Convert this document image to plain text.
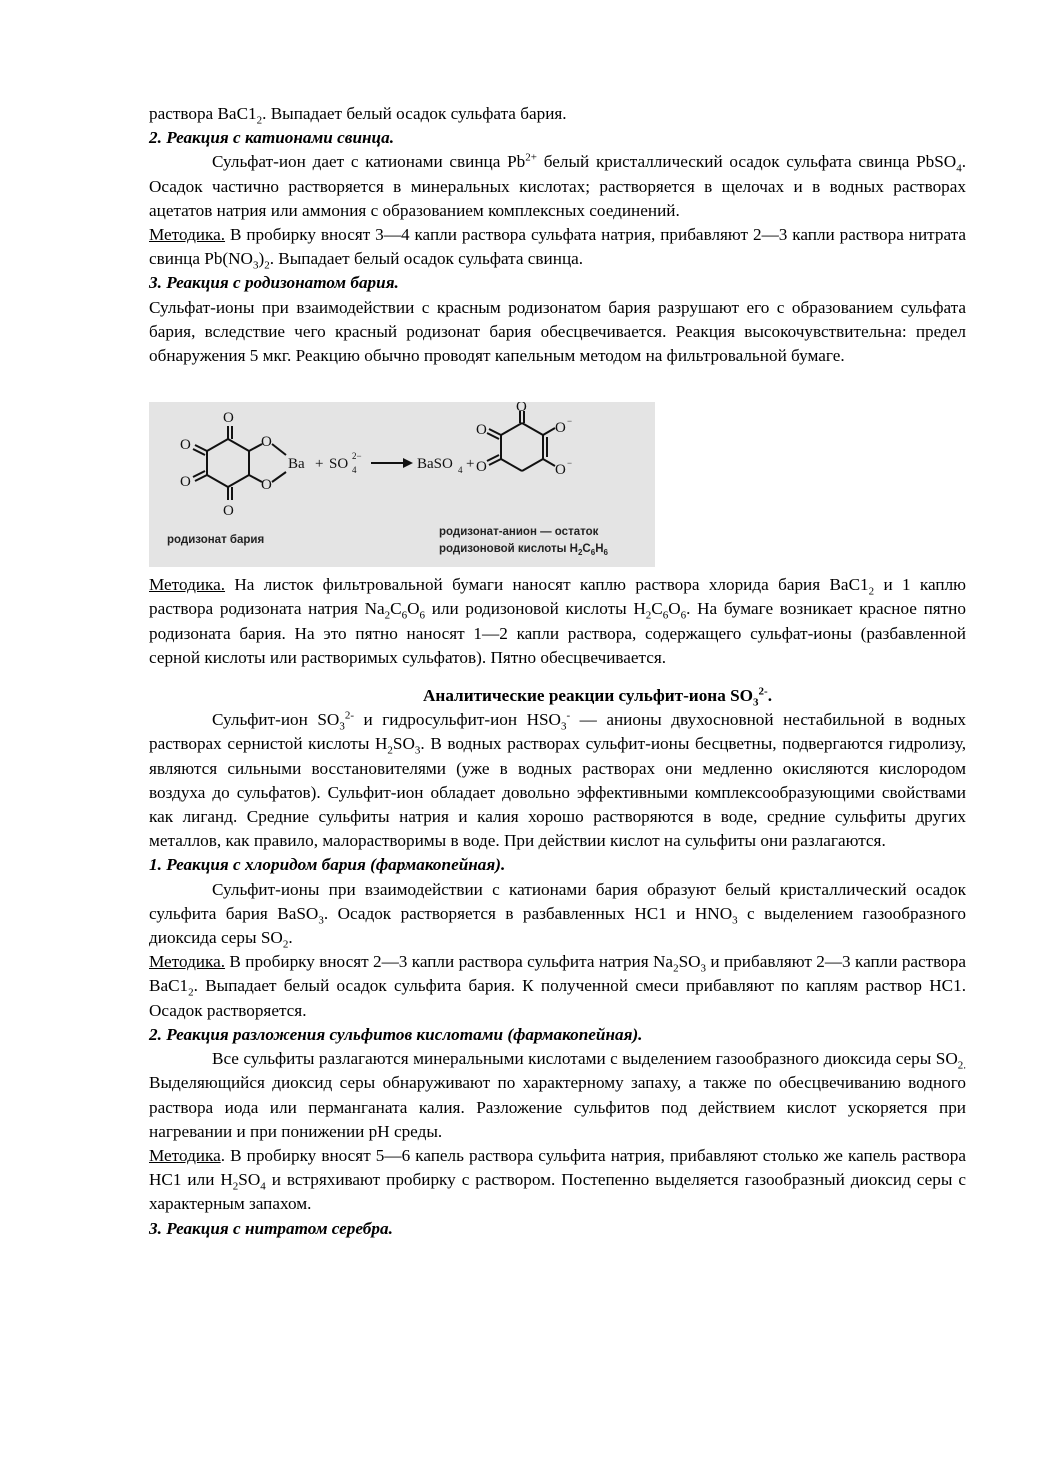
раствора $BaC1_2$. Выпадает белый осадок сульфата бария.

2. Реакция с катионами свинца.

Сульфат-ион дает с катионами свинца $Pb^{2+}$ белый кристаллический осадок сульфата свинца PbSO$_4$. Осадок частично растворяется в минеральных кислотах; растворяется в щелочах и в водных растворах ацетатов натрия или аммония с образованием комплексных соединений.

Методика. В пробирку вносят 3—4 капли раствора сульфата натрия, прибавляют 2—3 капли раствора нитрата свинца $Pb(NO_3)_2$. Выпадает белый осадок сульфата свинца.

3. Реакция с родизонатом бария.

Сульфат-ионы при взаимодействии с красным родизонатом бария разрушают его с образованием сульфата бария, вследствие чего красный родизонат бария обесцвечивается. Реакция высокочувствительна: предел обнаружения 5 мкг. Реакцию обычно проводят капельным методом на фильтровальной бумаге.

O
O
O
O
O
O
Ba + SO 4
2−	BaSO 4 +
O
O
O
O −
O −
родизонат бария
родизонат-анион — остаток
родизоновой кислоты $H_2C_6H_6$

Методика. На листок фильтровальной бумаги наносят каплю раствора хлорида бария $BaC1_2$ и 1 каплю раствора родизоната натрия $Na_2C_6O_6$ или родизоновой кислоты $H_2C_6O_6$. На бумаге возникает красное пятно родизоната бария. На это пятно наносят 1—2 капли раствора, содержащего сульфат-ионы (разбавленной серной кислоты или растворимых сульфатов). Пятно обесцвечивается.

Аналитические реакции сульфит-иона $SO_3^{2-}$.

Сульфит-ион $SO_3^{2-}$ и гидросульфит-ион $HSO_3^-$ — анионы двухосновной нестабильной в водных растворах сернистой кислоты $H_2SO_3$. В водных растворах сульфит-ионы бесцветны, подвергаются гидролизу, являются сильными восстановителями (уже в водных растворах они медленно окисляются кислородом воздуха до сульфатов). Сульфит-ион обладает довольно эффективными комплексообразующими свойствами как лиганд. Средние сульфиты натрия и калия хорошо растворяются в воде, средние сульфиты других металлов, как правило, малорастворимы в воде. При действии кислот на сульфиты они разлагаются.

1. Реакция с хлоридом бария (фармакопейная).

Сульфит-ионы при взаимодействии с катионами бария образуют белый кристаллический осадок сульфита бария BaSO$_3$. Осадок растворяется в разбавленных HC1 и $HNO_3$ с выделением газообразного диоксида серы $SO_2$.

Методика. В пробирку вносят 2—3 капли раствора сульфита натрия $Na_2SO_3$ и прибавляют 2—3 капли раствора $BaC1_2$. Выпадает белый осадок сульфита бария. К полученной смеси прибавляют по каплям раствор HC1. Осадок растворяется.

2. Реакция разложения сульфитов кислотами (фармакопейная).

Все сульфиты разлагаются минеральными кислотами с выделением газообразного диоксида серы $SO_{2.}$ Выделяющийся диоксид серы обнаруживают по характерному запаху, а также по обесцвечиванию водного раствора иода или перманганата калия. Разложение сульфитов под действием кислот ускоряется при нагревании и при понижении pH среды.

Методика. В пробирку вносят 5—6 капель раствора сульфита натрия, прибавляют столько же капель раствора HC1 или $H_2SO_4$ и встряхивают пробирку с раствором. Постепенно выделяется газообразный диоксид серы с характерным запахом.

3. Реакция с нитратом серебра.
